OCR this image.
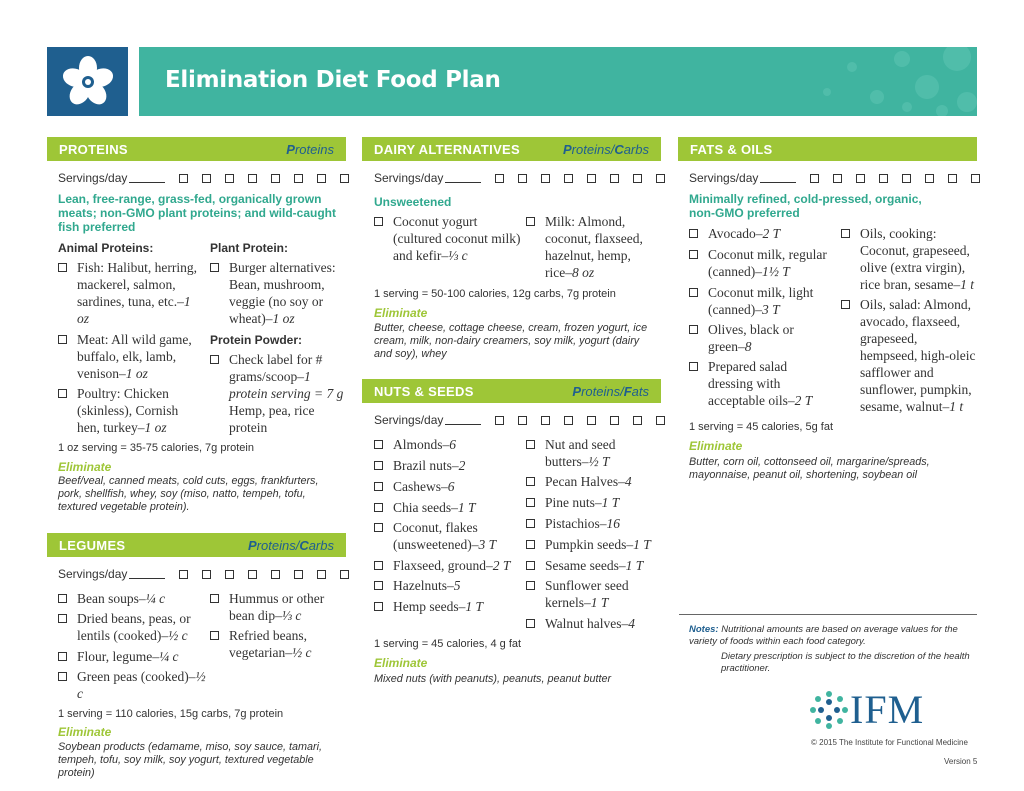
Elimination Diet Food Plan
PROTEINS	Proteins
Servings/day
Lean, free-range, grass-fed, organically grown meats; non-GMO plant proteins; and wild-caught fish preferred
Animal Proteins:	Plant Protein:
Fish: Halibut, herring, mackerel, salmon, sardines, tuna, etc.–1 oz
Meat: All wild game, buffalo, elk, lamb, venison–1 oz
Poultry: Chicken (skinless), Cornish hen, turkey–1 oz
Burger alternatives: Bean, mushroom, veggie (no soy or wheat)–1 oz
Protein Powder:
Check label for # grams/scoop–1 protein serving = 7 g Hemp, pea, rice protein
1 oz serving = 35-75 calories, 7g protein
Eliminate
Beef/veal, canned meats, cold cuts, eggs, frankfurters, pork, shellfish, whey, soy (miso, natto, tempeh, tofu, textured vegetable protein).
LEGUMES	Proteins/Carbs
Servings/day
Bean soups–¼ c
Dried beans, peas, or lentils (cooked)–½ c
Flour, legume–¼ c
Green peas (cooked)–½ c
Hummus or other bean dip–⅓ c
Refried beans, vegetarian–½ c
1 serving = 110 calories, 15g carbs, 7g protein
Eliminate
Soybean products (edamame, miso, soy sauce, tamari, tempeh, tofu, soy milk, soy yogurt, textured vegetable protein)
DAIRY ALTERNATIVES	Proteins/Carbs
Servings/day
Unsweetened
Coconut yogurt (cultured coconut milk) and kefir–⅓ c
Milk: Almond, coconut, flaxseed, hazelnut, hemp, rice–8 oz
1 serving = 50-100 calories, 12g carbs, 7g protein
Eliminate
Butter, cheese, cottage cheese, cream, frozen yogurt, ice cream, milk, non-dairy creamers, soy milk, yogurt (dairy and soy), whey
NUTS & SEEDS	Proteins/Fats
Servings/day
Almonds–6
Brazil nuts–2
Cashews–6
Chia seeds–1 T
Coconut, flakes (unsweetened)–3 T
Flaxseed, ground–2 T
Hazelnuts–5
Hemp seeds–1 T
Nut and seed butters–½ T
Pecan Halves–4
Pine nuts–1 T
Pistachios–16
Pumpkin seeds–1 T
Sesame seeds–1 T
Sunflower seed kernels–1 T
Walnut halves–4
1 serving = 45 calories, 4 g fat
Eliminate
Mixed nuts (with peanuts), peanuts, peanut butter
FATS & OILS
Servings/day
Minimally refined, cold-pressed, organic, non-GMO preferred
Avocado–2 T
Coconut milk, regular (canned)–1½ T
Coconut milk, light (canned)–3 T
Olives, black or green–8
Prepared salad dressing with acceptable oils–2 T
Oils, cooking: Coconut, grapeseed, olive (extra virgin), rice bran, sesame–1 t
Oils, salad: Almond, avocado, flaxseed, grapeseed, hempseed, high-oleic safflower and sunflower, pumpkin, sesame, walnut–1 t
1 serving = 45 calories, 5g fat
Eliminate
Butter, corn oil, cottonseed oil, margarine/spreads, mayonnaise, peanut oil, shortening, soybean oil
Notes: Nutritional amounts are based on average values for the variety of foods within each food category.
Dietary prescription is subject to the discretion of the health practitioner.
IFM
© 2015 The Institute for Functional Medicine
Version 5
